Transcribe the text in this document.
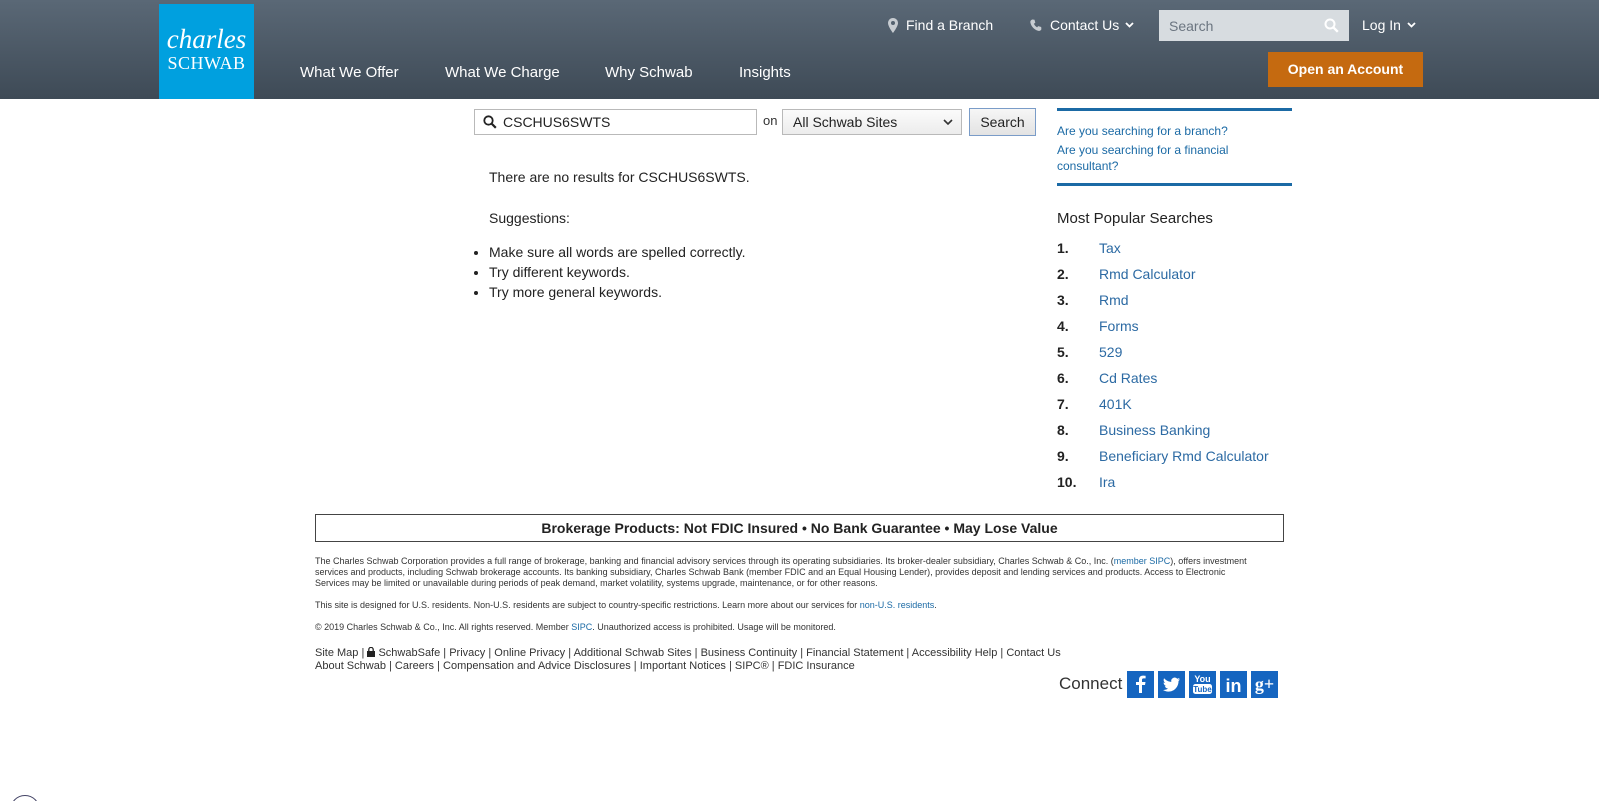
charles
SCHWAB
Find a Branch	Contact Us
Search	Log In
What We Offer	What We Charge	Why Schwab	Insights	Open an Account
CSCHUS6SWTS	on	All Schwab Sites	Search
There are no results for CSCHUS6SWTS.
Suggestions:
• Make sure all words are spelled correctly.
• Try different keywords.
• Try more general keywords.
Are you searching for a branch?
Are you searching for a financial consultant?
Most Popular Searches
1.	Tax
2.	Rmd Calculator
3.	Rmd
4.	Forms
5.	529
6.	Cd Rates
7.	401K
8.	Business Banking
9.	Beneficiary Rmd Calculator
10.	Ira
Brokerage Products: Not FDIC Insured • No Bank Guarantee • May Lose Value
The Charles Schwab Corporation provides a full range of brokerage, banking and financial advisory services through its operating subsidiaries. Its broker-dealer subsidiary, Charles Schwab & Co., Inc. (member SIPC), offers investment services and products, including Schwab brokerage accounts. Its banking subsidiary, Charles Schwab Bank (member FDIC and an Equal Housing Lender), provides deposit and lending services and products. Access to Electronic Services may be limited or unavailable during periods of peak demand, market volatility, systems upgrade, maintenance, or for other reasons.
This site is designed for U.S. residents. Non-U.S. residents are subject to country-specific restrictions. Learn more about our services for non-U.S. residents.
© 2019 Charles Schwab & Co., Inc. All rights reserved. Member SIPC. Unauthorized access is prohibited. Usage will be monitored.
Site Map |  SchwabSafe | Privacy | Online Privacy | Additional Schwab Sites | Business Continuity | Financial Statement | Accessibility Help | Contact Us
About Schwab | Careers | Compensation and Advice Disclosures | Important Notices | SIPC® | FDIC Insurance
Connect	You
Tube in g+
